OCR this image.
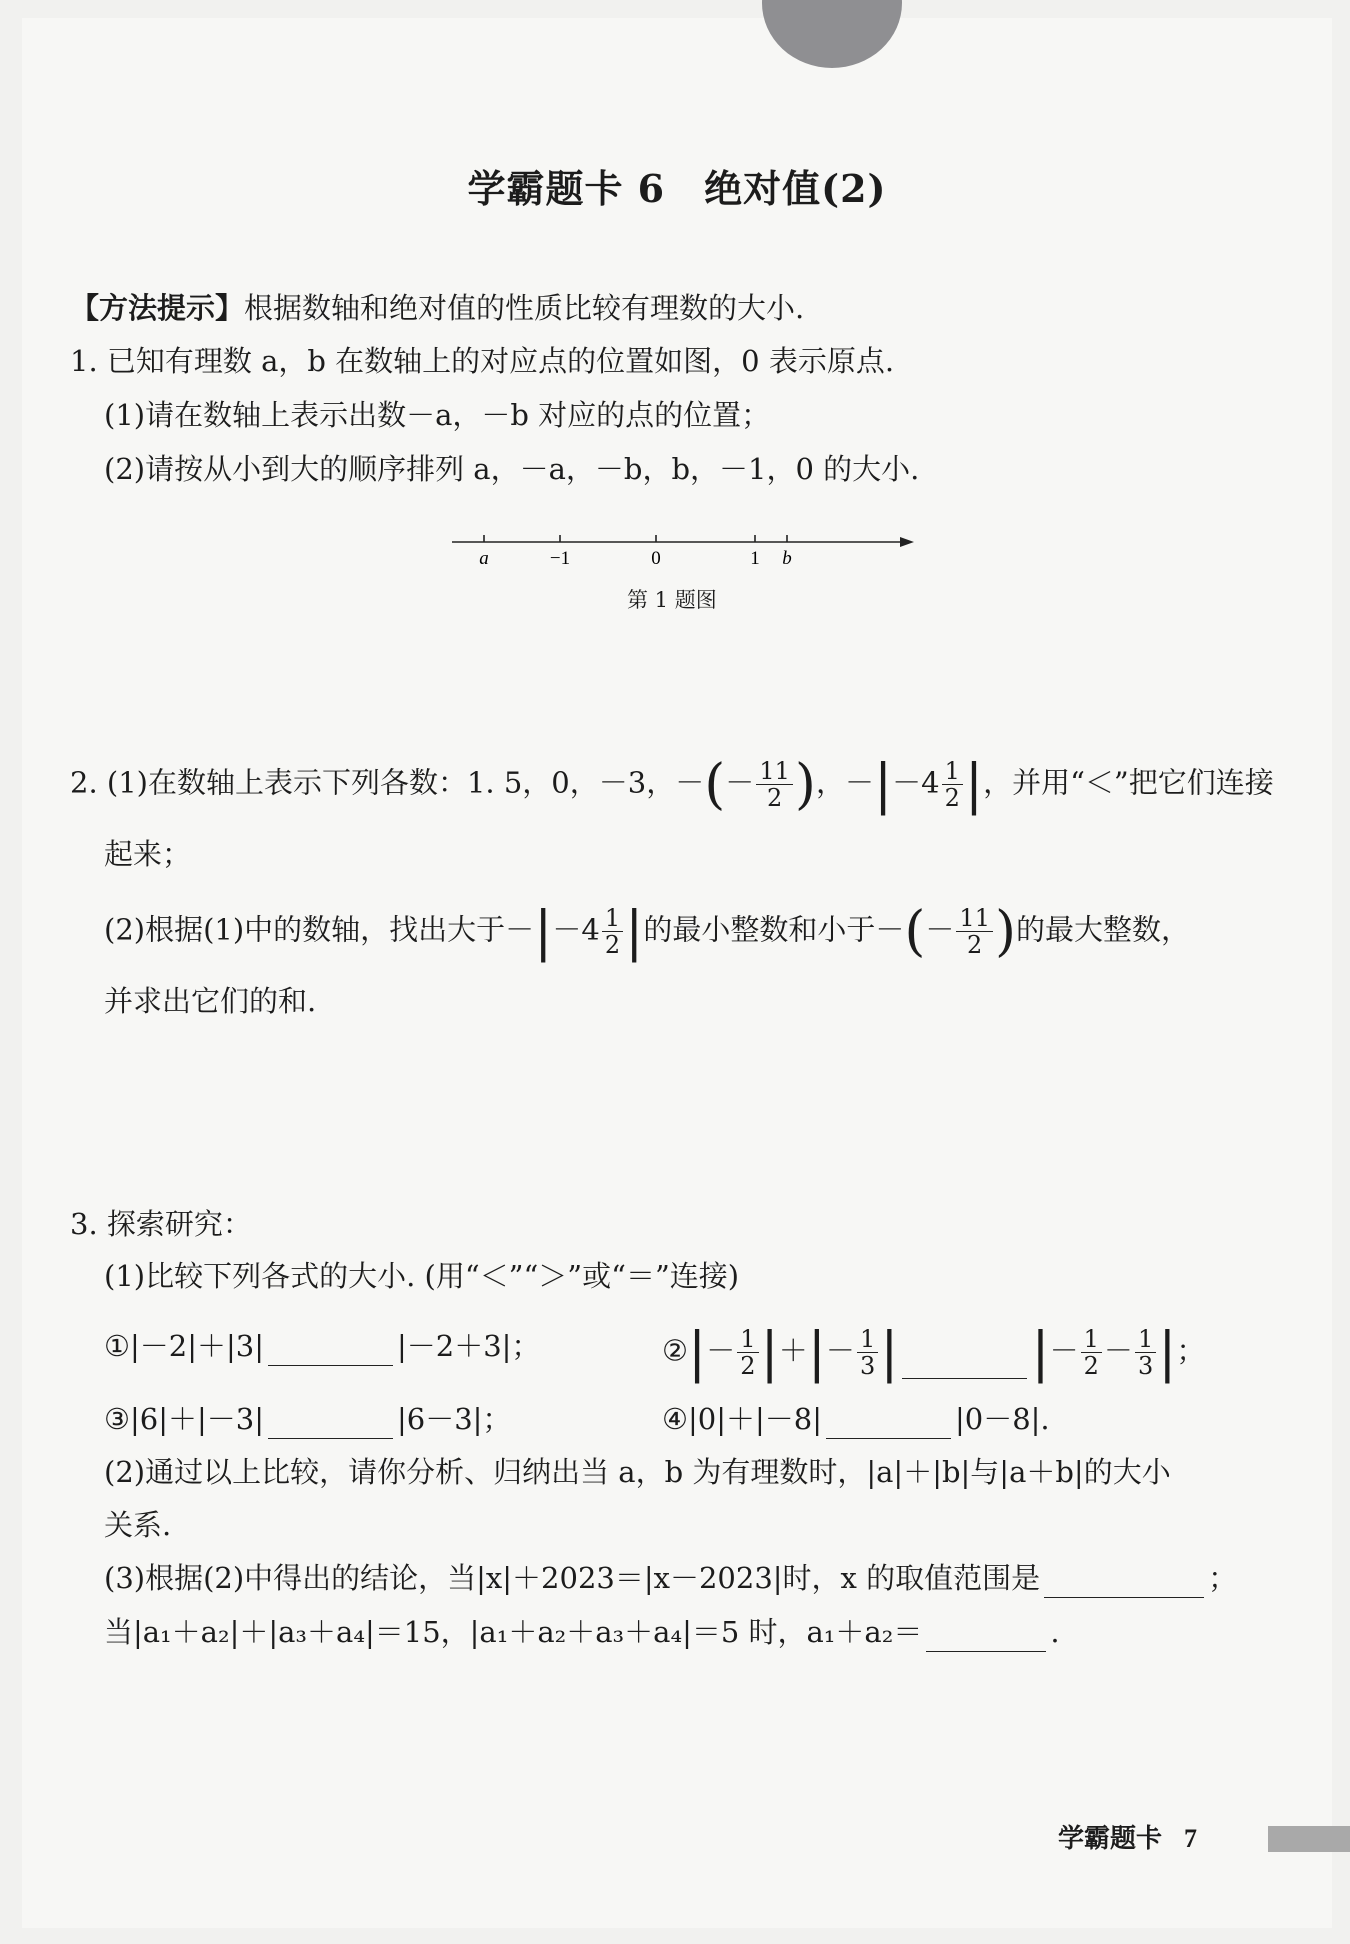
学霸题卡 6　绝对值(2)
【方法提示】根据数轴和绝对值的性质比较有理数的大小.
1. 已知有理数 a，b 在数轴上的对应点的位置如图，0 表示原点.
(1)请在数轴上表示出数－a，－b 对应的点的位置；
(2)请按从小到大的顺序排列 a，－a，－b，b，－1，0 的大小.
a	−1	0	1 b
第 1 题图
2. (1)在数轴上表示下列各数：1. 5，0，－3，－(－ $\frac{11}{2}$ )，$-|-4 \frac{1}{2}$ |，并用“＜”把它们连接
起来；
(2)根据(1)中的数轴，找出大于$-|-4 \frac{1}{2}$ |的最小整数和小于－(－ $\frac{11}{2}$ )的最大整数，
并求出它们的和.
3. 探索研究：
(1)比较下列各式的大小. (用“＜”“＞”或“＝”连接)
①|－2|＋|3|	|－2＋3|；	②|－ $\frac{1}{2}$ |＋|－ $\frac{1}{3}$ | |－ $\frac{1}{2} - \frac{1}{3}$ |；
③|6|＋|－3|	|6－3|；	④|0|＋|－8|	|0－8|.
(2)通过以上比较，请你分析、归纳出当 a，b 为有理数时，|a|＋|b|与|a＋b|的大小
关系.
(3)根据(2)中得出的结论，当|x|＋2023＝|x－2023|时，x 的取值范围是	；
当|a₁＋a₂|＋|a₃＋a₄|＝15，|a₁＋a₂＋a₃＋a₄|＝5 时，a₁＋a₂＝	.
学霸题卡 7
